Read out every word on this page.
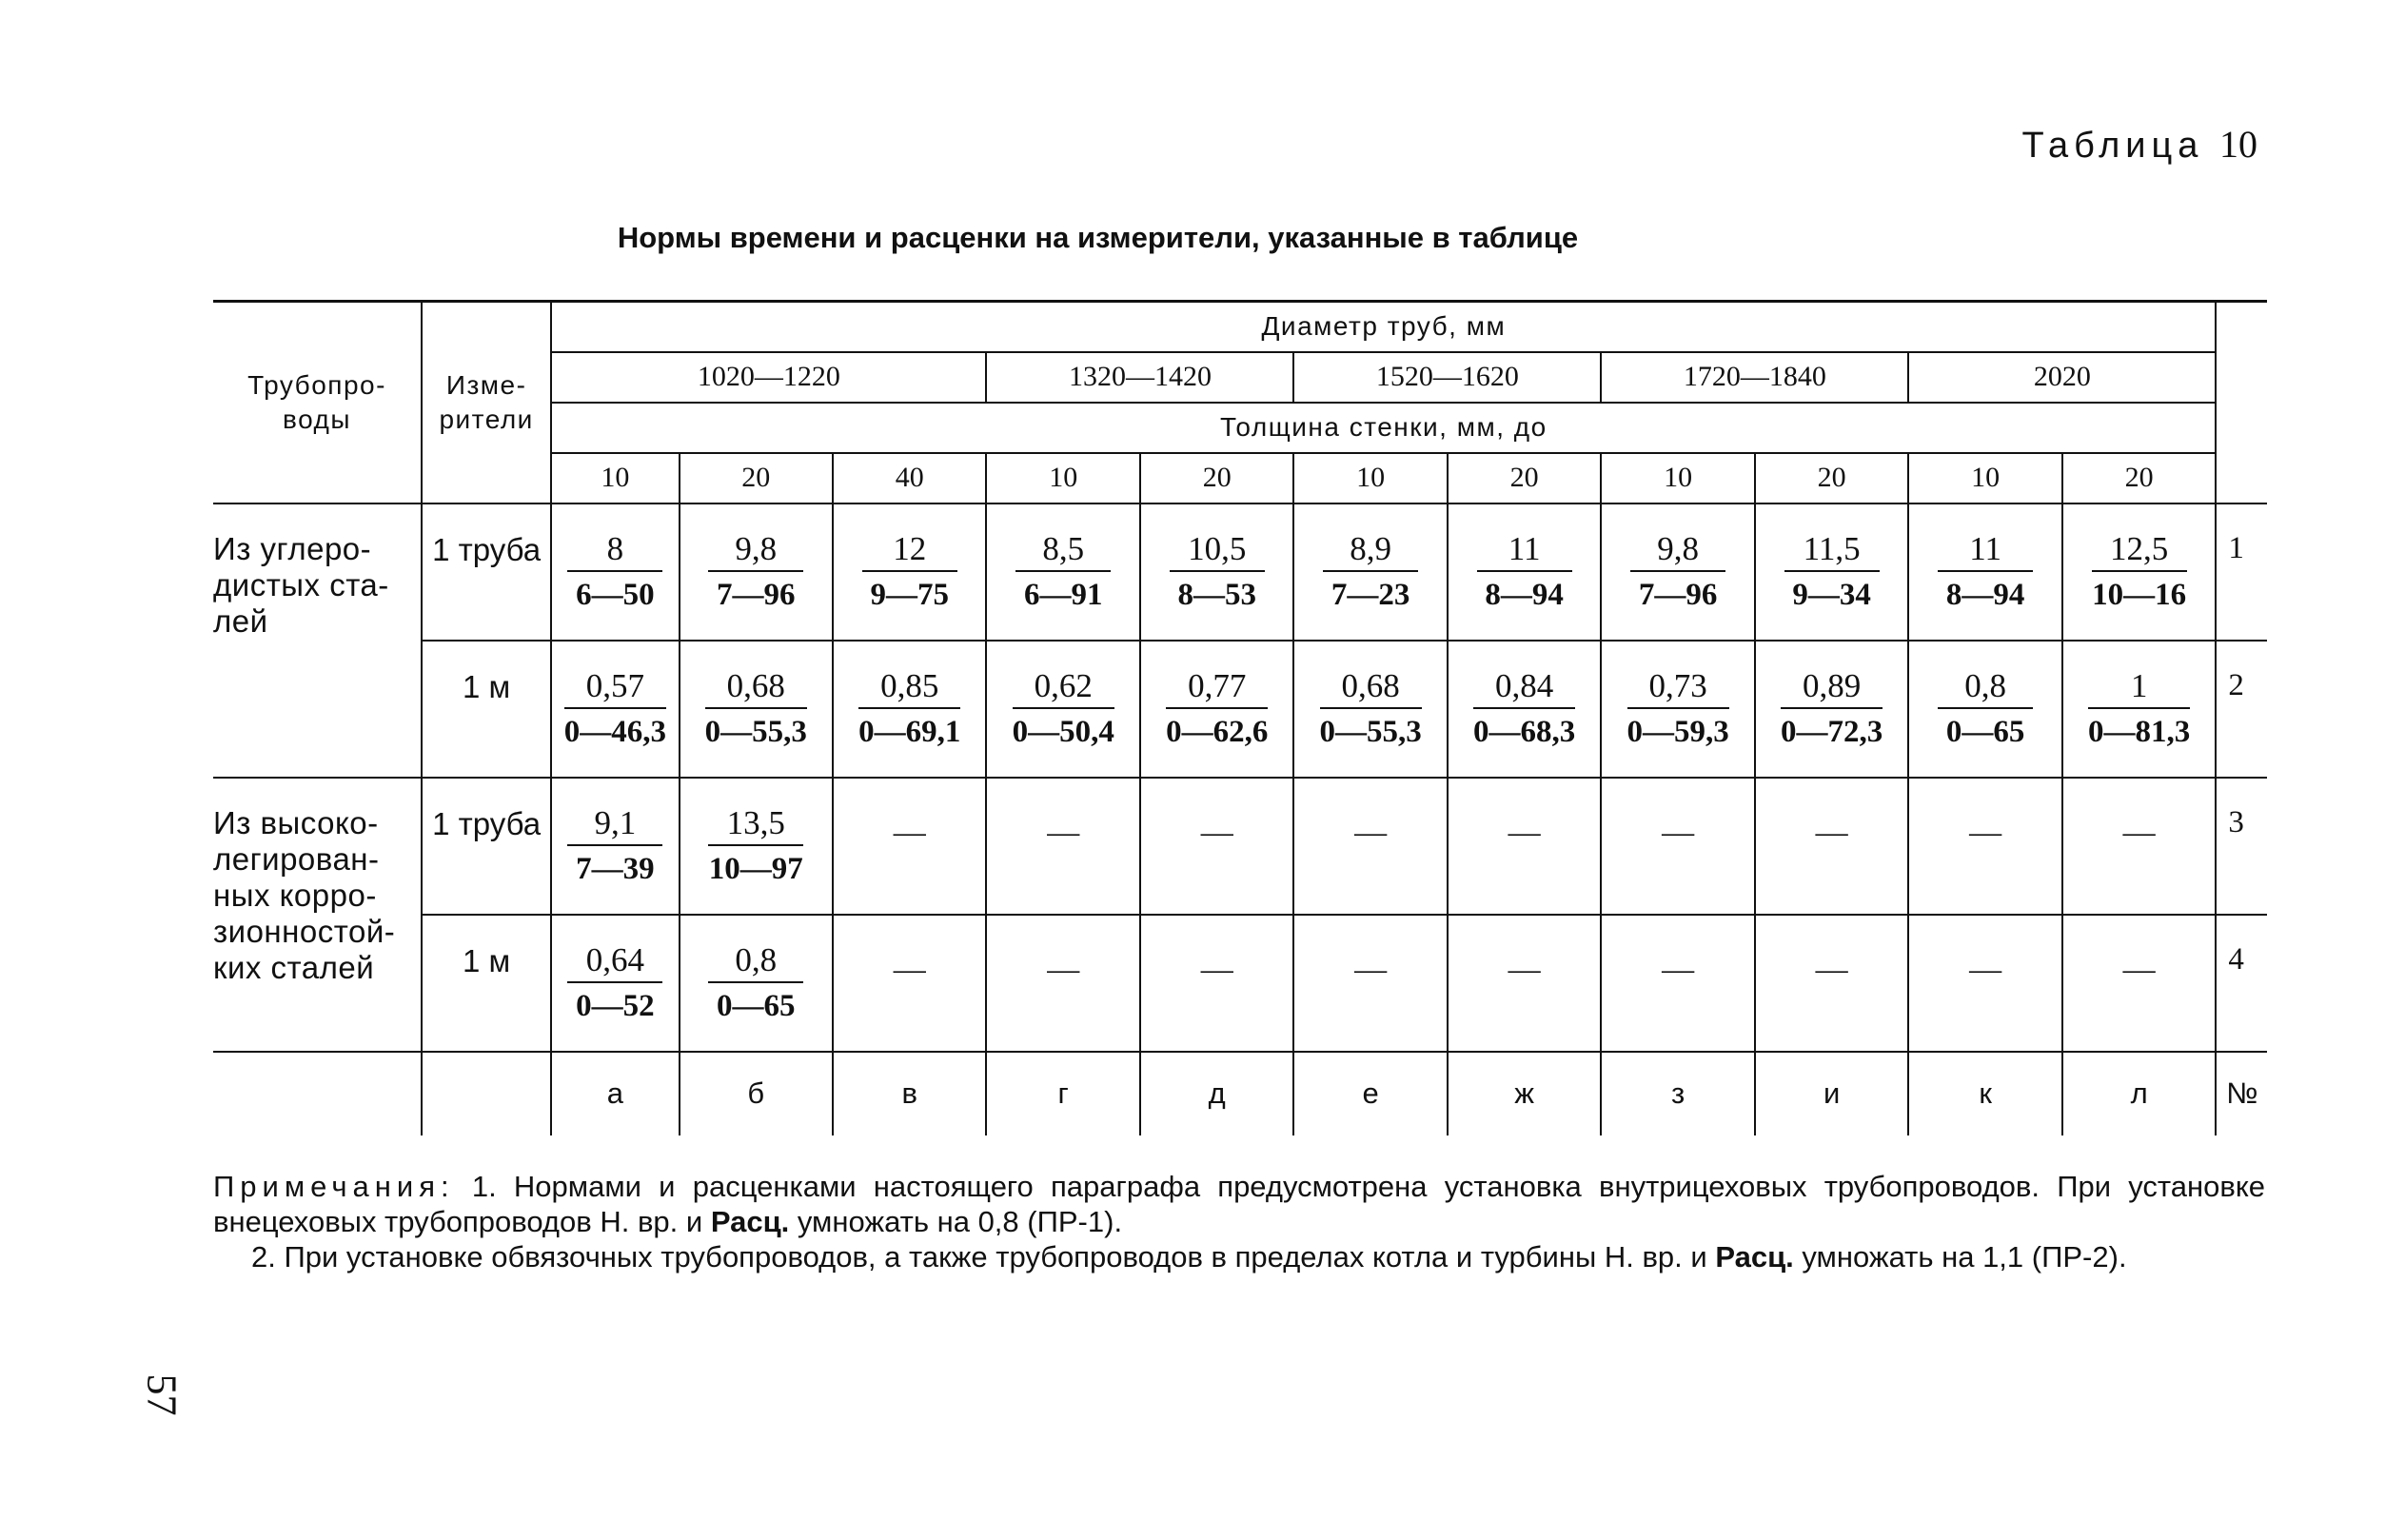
Таблица 10
Нормы времени и расценки на измерители, указанные в таблице
Трубопро- воды	Изме- рители	Диаметр труб, мм											
		1020—1220			1320—1420		1520—1620		1720—1840		2020		
		Толщина стенки, мм, до											
		10	20	40	10	20	10	20	10	20	10	20	
Из углеро- дистых ста- лей	1 труба	$\frac{8}{6—50}$	$\frac{9,8}{7—96}$	$\frac{12}{9—75}$	$\frac{8,5}{6—91}$	$\frac{10,5}{8—53}$	$\frac{8,9}{7—23}$	$\frac{11}{8—94}$	$\frac{9,8}{7—96}$	$\frac{11,5}{9—34}$	$\frac{11}{8—94}$	$\frac{12,5}{10—16}$	1
	1 м	$\frac{0,57}{0—46,3}$	$\frac{0,68}{0—55,3}$	$\frac{0,85}{0—69,1}$	$\frac{0,62}{0—50,4}$	$\frac{0,77}{0—62,6}$	$\frac{0,68}{0—55,3}$	$\frac{0,84}{0—68,3}$	$\frac{0,73}{0—59,3}$	$\frac{0,89}{0—72,3}$	$\frac{0,8}{0—65}$	$\frac{1}{0—81,3}$	2
Из высоко- легирован- ных корро- зионностой- ких сталей	1 труба	$\frac{9,1}{7—39}$	$\frac{13,5}{10—97}$	—	—	—	—	—	—	—	—	—	3
	1 м	$\frac{0,64}{0—52}$	$\frac{0,8}{0—65}$	—	—	—	—	—	—	—	—	—	4
		а	б	в	г	д	е	ж	з	и	к	л	№

Примечания: 1. Нормами и расценками настоящего параграфа предусмотрена установка внутрицеховых трубопроводов. При установке внецеховых трубопроводов Н. вр. и Расц. умножать на 0,8 (ПР-1).

2. При установке обвязочных трубопроводов, а также трубопроводов в пределах котла и турбины Н. вр. и Расц. умножать на 1,1 (ПР-2).

57
